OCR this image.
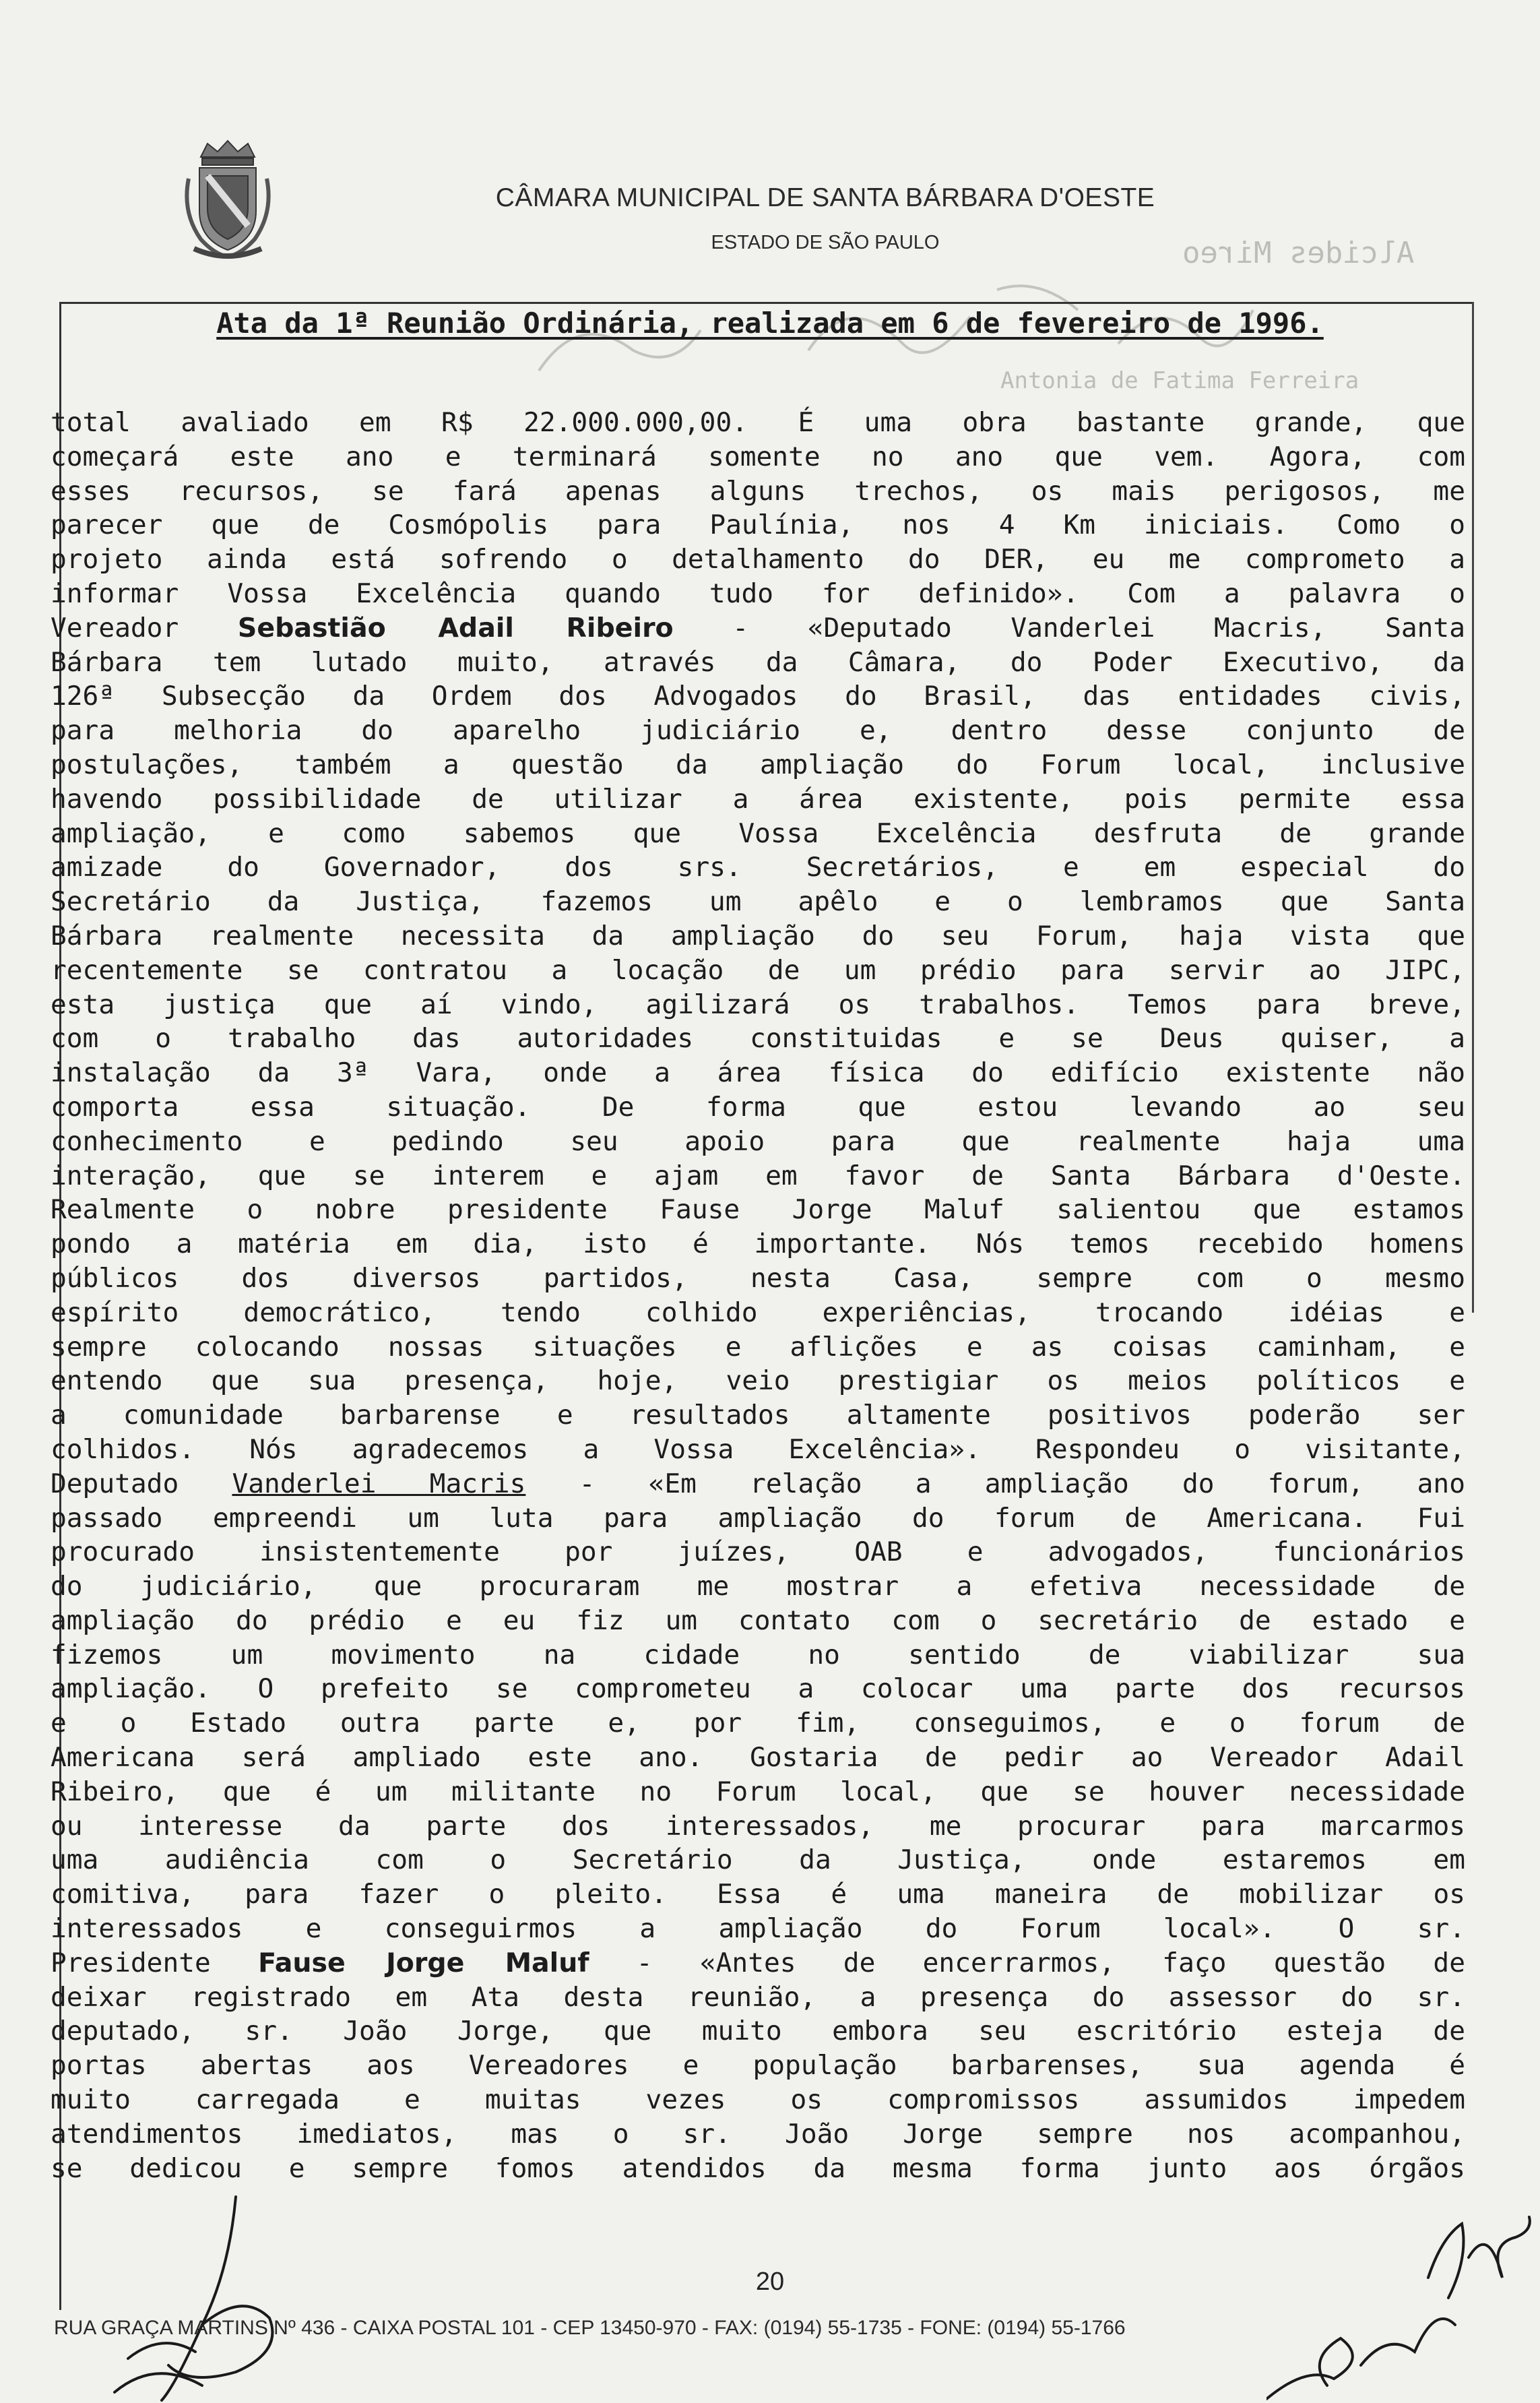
CÂMARA MUNICIPAL DE SANTA BÁRBARA D'OESTE
ESTADO DE SÃO PAULO	Alcides Mireo
Antonia de Fatima Ferreira
Ata da 1ª Reunião Ordinária, realizada em 6 de fevereiro de 1996.

total avaliado em R$ 22.000.000,00. É uma obra bastante grande, que

começará este ano e terminará somente no ano que vem. Agora, com

esses recursos, se fará apenas alguns trechos, os mais perigosos, me

parecer que de Cosmópolis para Paulínia, nos 4 Km iniciais. Como o

projeto ainda está sofrendo o detalhamento do DER, eu me comprometo a

informar Vossa Excelência quando tudo for definido». Com a palavra o

Vereador Sebastião Adail Ribeiro - «Deputado Vanderlei Macris, Santa

Bárbara tem lutado muito, através da Câmara, do Poder Executivo, da

126ª Subsecção da Ordem dos Advogados do Brasil, das entidades civis,

para melhoria do aparelho judiciário e, dentro desse conjunto de

postulações, também a questão da ampliação do Forum local, inclusive

havendo possibilidade de utilizar a área existente, pois permite essa

ampliação, e como sabemos que Vossa Excelência desfruta de grande

amizade do Governador, dos srs. Secretários, e em especial do

Secretário da Justiça, fazemos um apêlo e o lembramos que Santa

Bárbara realmente necessita da ampliação do seu Forum, haja vista que

recentemente se contratou a locação de um prédio para servir ao JIPC,

esta justiça que aí vindo, agilizará os trabalhos. Temos para breve,

com o trabalho das autoridades constituidas e se Deus quiser, a

instalação da 3ª Vara, onde a área física do edifício existente não

comporta essa situação. De forma que estou levando ao seu

conhecimento e pedindo seu apoio para que realmente haja uma

interação, que se interem e ajam em favor de Santa Bárbara d'Oeste.

Realmente o nobre presidente Fause Jorge Maluf salientou que estamos

pondo a matéria em dia, isto é importante. Nós temos recebido homens

públicos dos diversos partidos, nesta Casa, sempre com o mesmo

espírito democrático, tendo colhido experiências, trocando idéias e

sempre colocando nossas situações e aflições e as coisas caminham, e

entendo que sua presença, hoje, veio prestigiar os meios políticos e

a comunidade barbarense e resultados altamente positivos poderão ser

colhidos. Nós agradecemos a Vossa Excelência». Respondeu o visitante,

Deputado Vanderlei Macris - «Em relação a ampliação do forum, ano

passado empreendi um luta para ampliação do forum de Americana. Fui

procurado insistentemente por juízes, OAB e advogados, funcionários

do judiciário, que procuraram me mostrar a efetiva necessidade de

ampliação do prédio e eu fiz um contato com o secretário de estado e

fizemos um movimento na cidade no sentido de viabilizar sua

ampliação. O prefeito se comprometeu a colocar uma parte dos recursos

e o Estado outra parte e, por fim, conseguimos, e o forum de

Americana será ampliado este ano. Gostaria de pedir ao Vereador Adail

Ribeiro, que é um militante no Forum local, que se houver necessidade

ou interesse da parte dos interessados, me procurar para marcarmos

uma audiência com o Secretário da Justiça, onde estaremos em

comitiva, para fazer o pleito. Essa é uma maneira de mobilizar os

interessados e conseguirmos a ampliação do Forum local». O sr.

Presidente Fause Jorge Maluf - «Antes de encerrarmos, faço questão de

deixar registrado em Ata desta reunião, a presença do assessor do sr.

deputado, sr. João Jorge, que muito embora seu escritório esteja de

portas abertas aos Vereadores e população barbarenses, sua agenda é

muito carregada e muitas vezes os compromissos assumidos impedem

atendimentos imediatos, mas o sr. João Jorge sempre nos acompanhou,

se dedicou e sempre fomos atendidos da mesma forma junto aos órgãos

20
RUA GRAÇA MARTINS Nº 436 - CAIXA POSTAL 101 - CEP 13450-970 - FAX: (0194) 55-1735 - FONE: (0194) 55-1766
